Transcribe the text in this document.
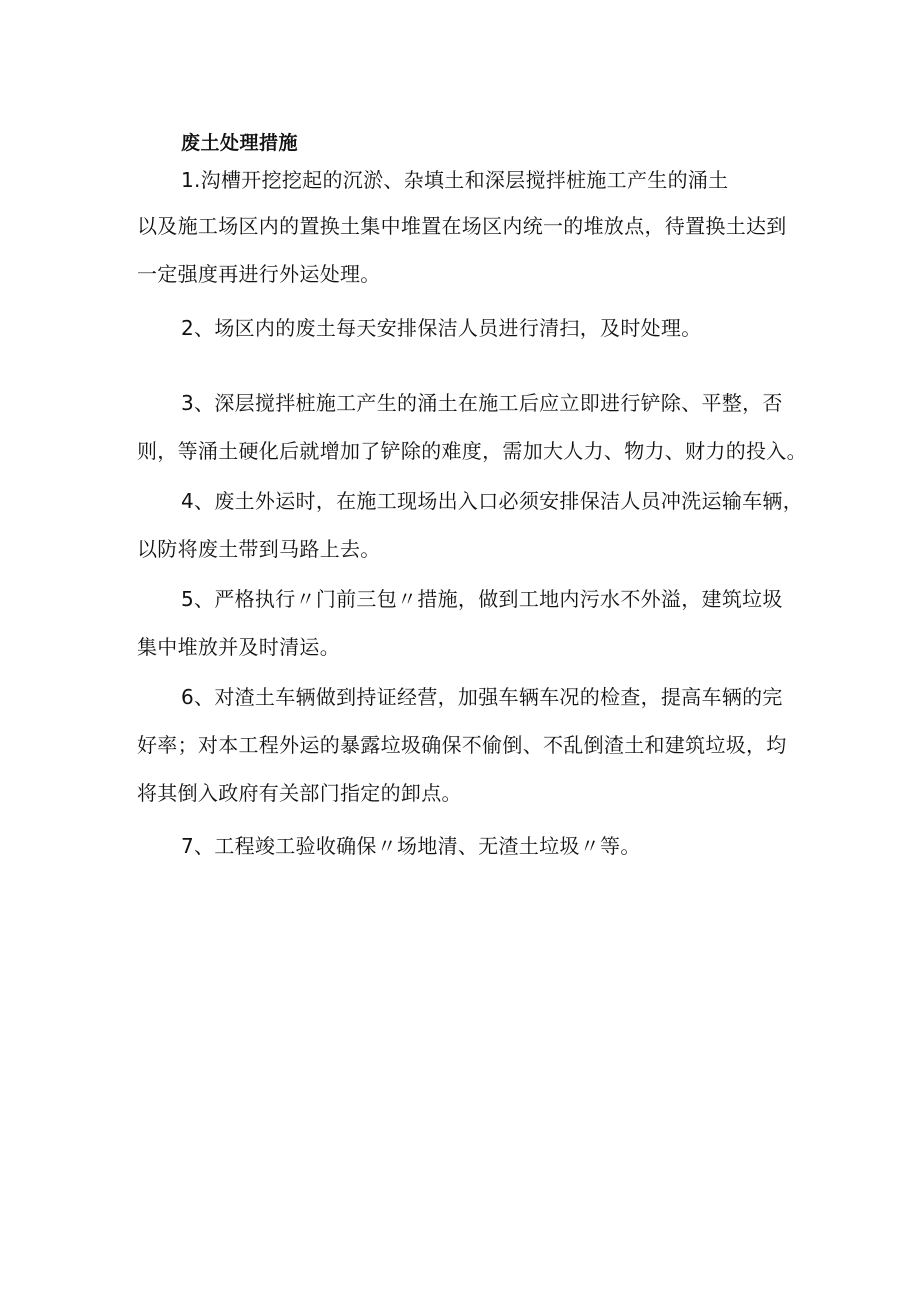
废土处理措施
1.沟槽开挖挖起的沉淤、杂填土和深层搅拌桩施工产生的涌土
以及施工场区内的置换土集中堆置在场区内统一的堆放点，待置换土达到
一定强度再进行外运处理。
2、场区内的废土每天安排保洁人员进行清扫，及时处理。
3、深层搅拌桩施工产生的涌土在施工后应立即进行铲除、平整，否
则，等涌土硬化后就增加了铲除的难度，需加大人力、物力、财力的投入。
4、废土外运时，在施工现场出入口必须安排保洁人员冲洗运输车辆，
以防将废土带到马路上去。
5、严格执行〃门前三包〃措施，做到工地内污水不外溢，建筑垃圾
集中堆放并及时清运。
6、对渣土车辆做到持证经营，加强车辆车况的检查，提高车辆的完
好率；对本工程外运的暴露垃圾确保不偷倒、不乱倒渣土和建筑垃圾，均
将其倒入政府有关部门指定的卸点。
7、工程竣工验收确保〃场地清、无渣土垃圾〃等。
